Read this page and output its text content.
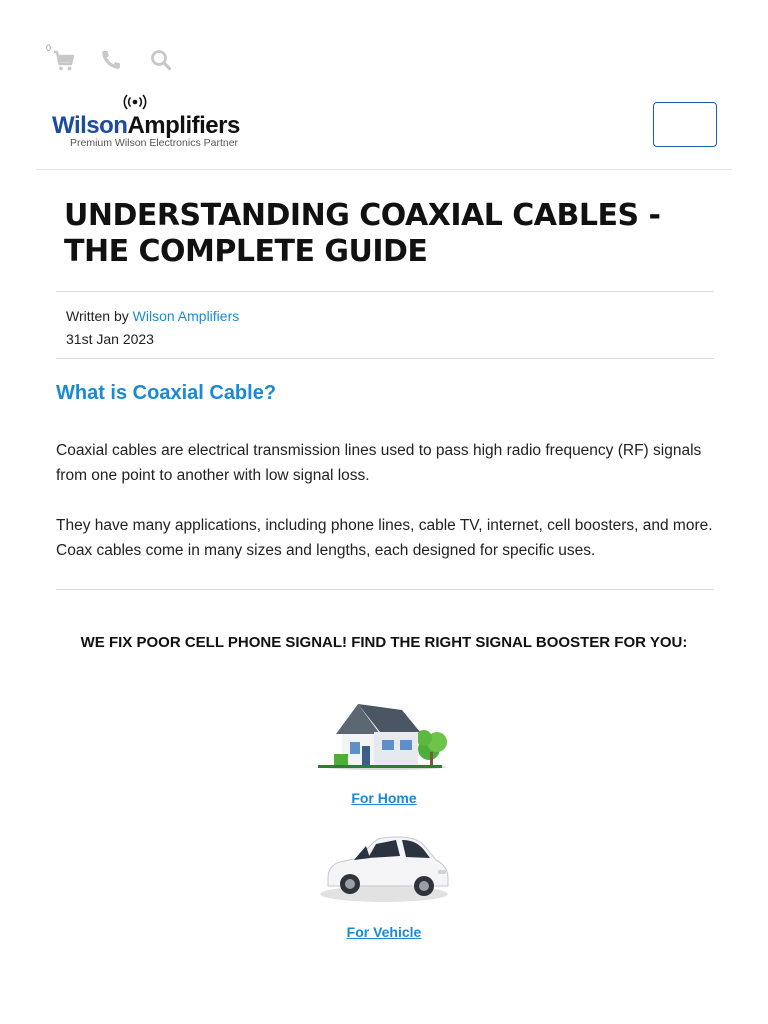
0
WilsonAmplifiers
Premium Wilson Electronics Partner
UNDERSTANDING COAXIAL CABLES - THE COMPLETE GUIDE
Written by Wilson Amplifiers
31st Jan 2023
What is Coaxial Cable?

Coaxial cables are electrical transmission lines used to pass high radio frequency (RF) signals from one point to another with low signal loss.

They have many applications, including phone lines, cable TV, internet, cell boosters, and more. Coax cables come in many sizes and lengths, each designed for specific uses.

WE FIX POOR CELL PHONE SIGNAL! FIND THE RIGHT SIGNAL BOOSTER FOR YOU:
For Home
For Vehicle
